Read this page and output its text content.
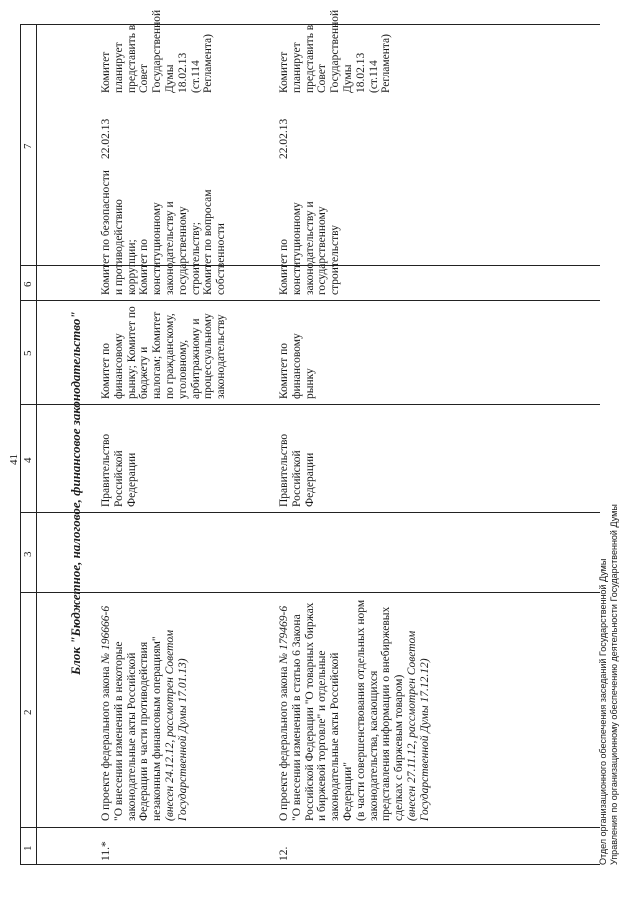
41
1
2
3
4
5
6
7
Блок "Бюджетное, налоговое, финансовое законодательство"
11.*

О проекте федерального закона № 196666-6

"О внесении изменений в некоторые законодательные акты Российской Федерации в части противодействия незаконным финансовым операциям" (внесен 24.12.12, рассмотрен Советом Государственной Думы 17.01.13)

Правительство Российской Федерации
Комитет по финансовому рынку; Комитет по бюджету и налогам; Комитет по гражданскому, уголовному, арбитражному и процессуальному законодательству
Комитет по безопасности и противодействию коррупции;
Комитет по конституционному законодательству и государственному строительству;
Комитет по вопросам собственности
22.02.13
Комитет планирует представить в Совет Государственной Думы 18.02.13 (ст.114 Регламента)
12.

О проекте федерального закона № 179469-6 "О внесении изменений в статью 6 Закона Российской Федерации "О товарных биржах и биржевой торговле" и отдельные законодательные акты Российской Федерации" (в части совершенствования отдельных норм законодательства, касающихся представления информации о внебиржевых сделках с биржевым товаром) (внесен 27.11.12, рассмотрен Советом Государственной Думы 17.12.12)

Правительство Российской Федерации
Комитет по финансовому рынку
Комитет по конституционному законодательству и государственному строительству
22.02.13
Комитет планирует представить в Совет Государственной Думы 18.02.13 (ст.114 Регламента)
Отдел организационного обеспечения заседаний Государственной Думы Управления по организационному обеспечению деятельности Государственной Думы
